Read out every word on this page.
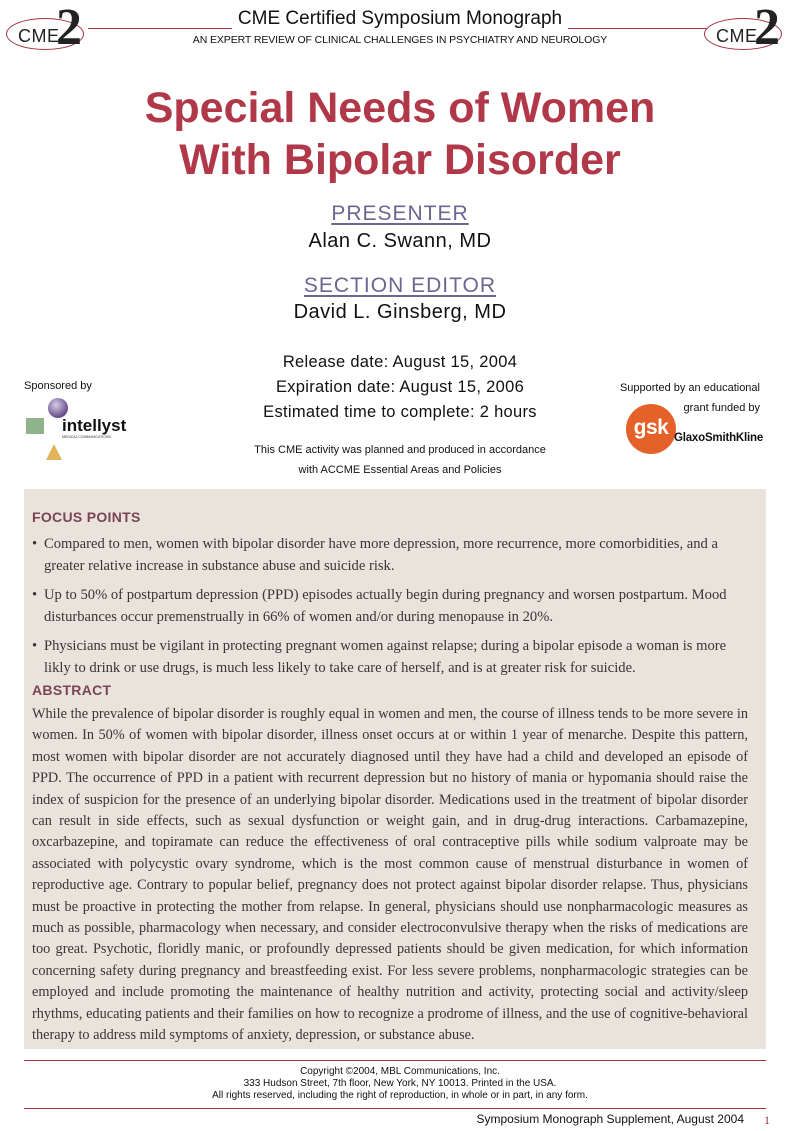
CME
2	CME
2
CME Certified Symposium Monograph
AN EXPERT REVIEW OF CLINICAL CHALLENGES IN PSYCHIATRY AND NEUROLOGY
Special Needs of Women
With Bipolar Disorder
PRESENTER
Alan C. Swann, MD
SECTION EDITOR
David L. Ginsberg, MD
Release date: August 15, 2004
Expiration date: August 15, 2006
Estimated time to complete: 2 hours
This CME activity was planned and produced in accordance
with ACCME Essential Areas and Policies
Sponsored by
intellyst
MEDICAL COMMUNICATIONS
Supported by an educational
grant funded by
gsk GlaxoSmithKline
FOCUS POINTS
• Compared to men, women with bipolar disorder have more depression, more recurrence, more comorbidities, and a greater relative increase in substance abuse and suicide risk.
• Up to 50% of postpartum depression (PPD) episodes actually begin during pregnancy and worsen postpartum. Mood disturbances occur premenstrually in 66% of women and/or during menopause in 20%.
• Physicians must be vigilant in protecting pregnant women against relapse; during a bipolar episode a woman is more likly to drink or use drugs, is much less likely to take care of herself, and is at greater risk for suicide.
ABSTRACT
While the prevalence of bipolar disorder is roughly equal in women and men, the course of illness tends to be more severe in women. In 50% of women with bipolar disorder, illness onset occurs at or within 1 year of menarche. Despite this pattern, most women with bipolar disorder are not accurately diagnosed until they have had a child and developed an episode of PPD. The occurrence of PPD in a patient with recurrent depression but no history of mania or hypomania should raise the index of suspicion for the presence of an underlying bipolar disorder. Medications used in the treatment of bipolar disorder can result in side effects, such as sexual dysfunction or weight gain, and in drug-drug interactions. Carbamazepine, oxcarbazepine, and topiramate can reduce the effectiveness of oral contraceptive pills while sodium valproate may be associated with polycystic ovary syndrome, which is the most common cause of menstrual disturbance in women of reproductive age. Contrary to popular belief, pregnancy does not protect against bipolar disorder relapse. Thus, physicians must be proactive in protecting the mother from relapse. In general, physicians should use nonpharmacologic measures as much as possible, pharmacology when necessary, and consider electroconvulsive therapy when the risks of medications are too great. Psychotic, floridly manic, or profoundly depressed patients should be given medication, for which information concerning safety during pregnancy and breastfeeding exist. For less severe problems, nonpharmacologic strategies can be employed and include promoting the maintenance of healthy nutrition and activity, protecting social and activity/sleep rhythms, educating patients and their families on how to recognize a prodrome of illness, and the use of cognitive-behavioral therapy to address mild symptoms of anxiety, depression, or substance abuse.
Copyright ©2004, MBL Communications, Inc.
333 Hudson Street, 7th floor, New York, NY 10013. Printed in the USA.
All rights reserved, including the right of reproduction, in whole or in part, in any form.
Symposium Monograph Supplement, August 2004 1
